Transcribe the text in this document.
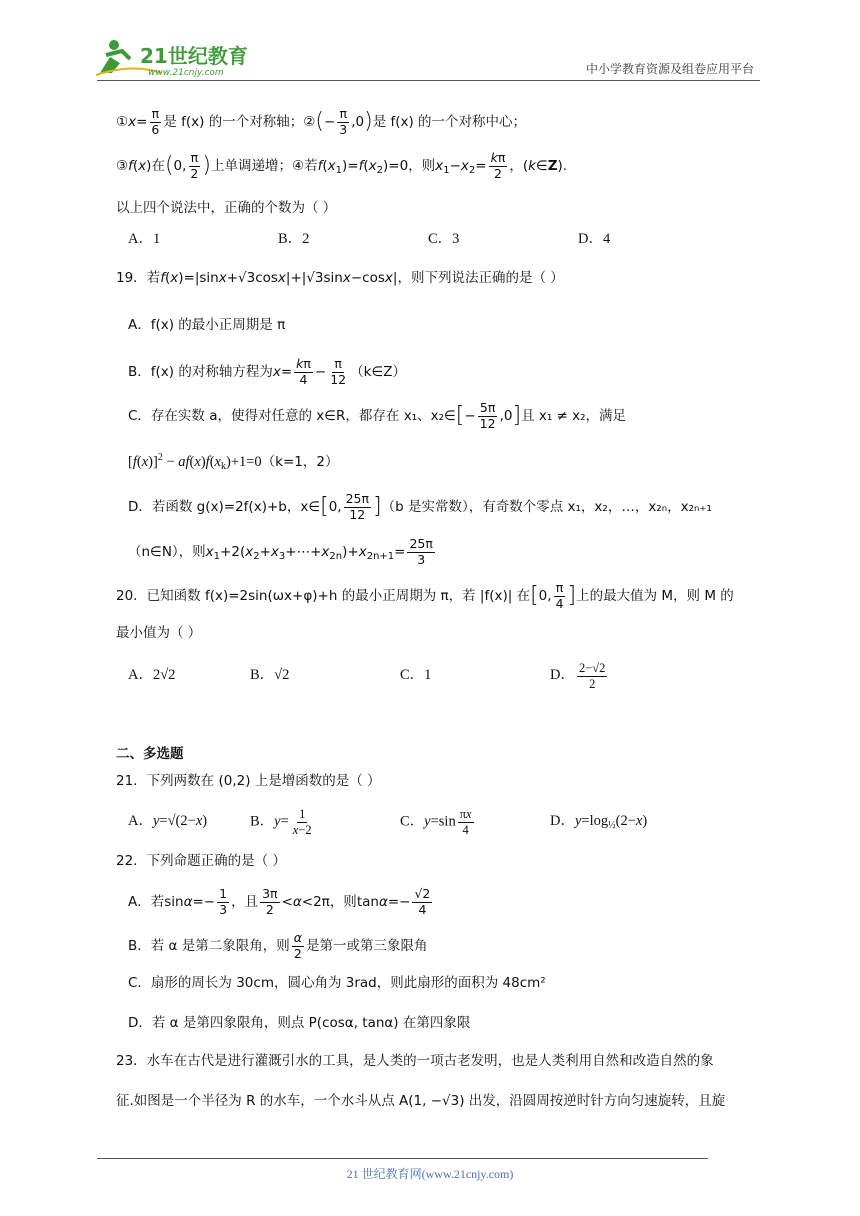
21世纪教育
www.21cnjy.com	中小学教育资源及组卷应用平台
①x= $\frac{\pi}{6}$ 是 f(x) 的一个对称轴；②(− $\frac{\pi}{3} ,0$)是 f(x) 的一个对称中心；
③f(x)在(0, $\frac{\pi}{2}$ )上单调递增；④若$f(x_1)=f(x_2)=0$，则$x_1-x_2= \frac{k\pi}{2}$ ，(k∈Z).
以上四个说法中，正确的个数为（ ）
A．1	B．2	C．3	D．4
19．若f(x)=|sinx+√3cosx|+|√3sinx−cosx|，则下列说法正确的是（ ）
A．f(x) 的最小正周期是 π
B．f(x) 的对称轴方程为$x= \frac{k\pi}{4} - \frac{\pi}{12}$ （k∈Z）
C．存在实数 a，使得对任意的 x∈R，都存在 x₁、x₂∈[− $\frac{5\pi}{12} ,0$]且 x₁ ≠ x₂，满足
$[f(x)]^2 - af(x)f(x_k)+1=0(k=1$，2）
D．若函数 g(x)=2f(x)+b，x∈[0, $\frac{25\pi}{12} ](b$ 是实常数），有奇数个零点 x₁，x₂，…，x₂ₙ，x₂ₙ₊₁
（n∈N），则$x_1+2(x_2+x_3+\cdots+x_{2n})+x_{2n+1}= \frac{25\pi}{3}$
20．已知函数 f(x)=2sin(ωx+φ)+h 的最小正周期为 π，若 |f(x)| 在[0, $\frac{\pi}{4}$ ]上的最大值为 M，则 M 的
最小值为（ ）
A．2√2	B．√2	C．1	D． $\frac{2-√2}{2}$
二、多选题
21．下列两数在 (0,2) 上是增函数的是（ ）
A．y=√(2−x)	B．$y= \frac{1}{x-2}$	C．$y=\sin \frac{\pi x}{4}$	D．$y=\log_{\frac{1}{2}}(2-x)$
22．下列命题正确的是（ ）
A．若$\sin\alpha=- \frac{1}{3}$ ，且 $\frac{3\pi}{2} <\alpha<2\pi$，则$\tan\alpha=- \frac{√2}{4}$
B．若 α 是第二象限角，则 $\frac{\alpha}{2}$ 是第一或第三象限角
C．扇形的周长为 30cm，圆心角为 3rad，则此扇形的面积为 48cm²
D．若 α 是第四象限角，则点 P(cosα, tanα) 在第四象限
23．水车在古代是进行灌溉引水的工具，是人类的一项古老发明，也是人类利用自然和改造自然的象
征.如图是一个半径为 R 的水车，一个水斗从点 A(1, −√3) 出发，沿圆周按逆时针方向匀速旋转，且旋
21 世纪教育网(www.21cnjy.com)
